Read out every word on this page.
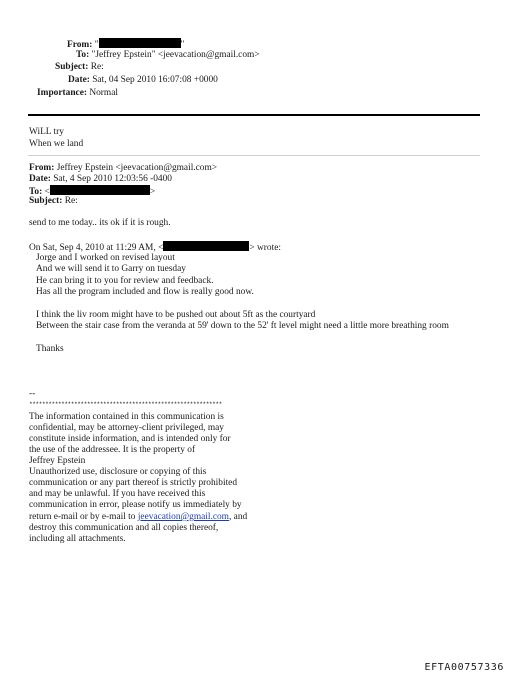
From: "	"
To: "Jeffrey Epstein" <jeevacation@gmail.com>
Subject: Re:
Date: Sat, 04 Sep 2010 16:07:08 +0000
Importance: Normal
WiLL try
When we land
From: Jeffrey Epstein <jeevacation@gmail.com>
Date: Sat, 4 Sep 2010 12:03:56 -0400
To: <	>
Subject: Re:
send to me today.. its ok if it is rough.
On Sat, Sep 4, 2010 at 11:29 AM, <	> wrote:
Jorge and I worked on revised layout
And we will send it to Garry on tuesday
He can bring it to you for review and feedback.
Has all the program included and flow is really good now.
I think the liv room might have to be pushed out about 5ft as the courtyard
Between the stair case from the veranda at 59' down to the 52' ft level might need a little more breathing room
Thanks
--
************************************************************
The information contained in this communication is
confidential, may be attorney-client privileged, may
constitute inside information, and is intended only for
the use of the addressee. It is the property of
Jeffrey Epstein
Unauthorized use, disclosure or copying of this
communication or any part thereof is strictly prohibited
and may be unlawful. If you have received this
communication in error, please notify us immediately by
return e-mail or by e-mail to jeevacation@gmail.com, and
destroy this communication and all copies thereof,
including all attachments.
EFTA00757336
